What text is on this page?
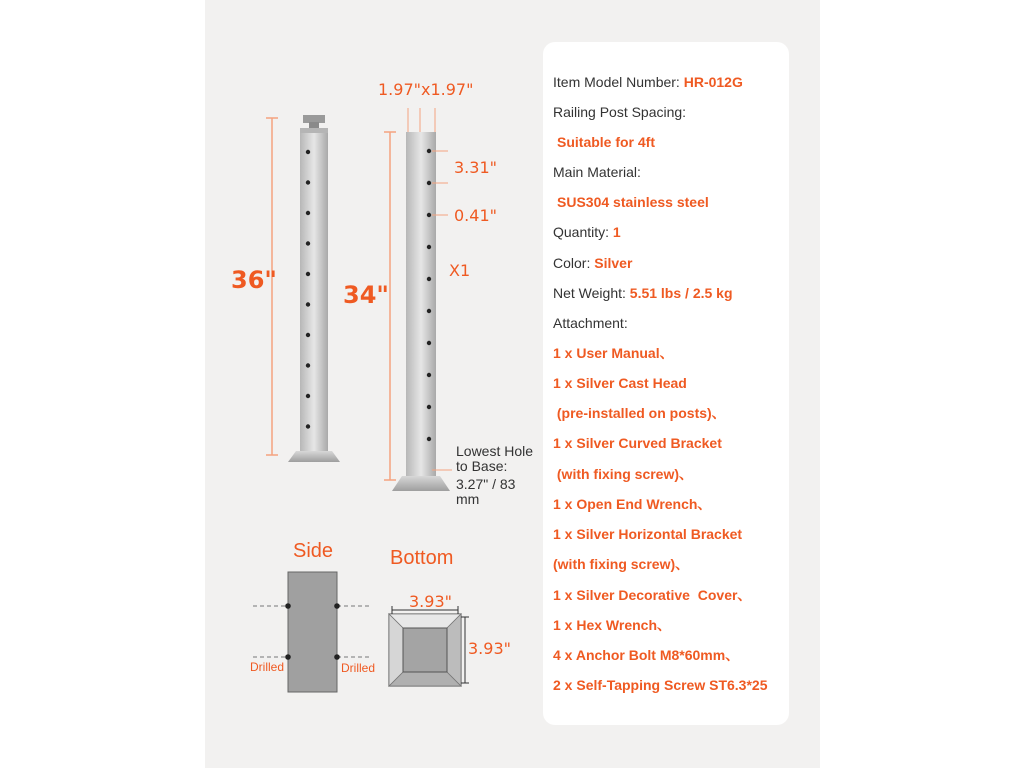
36"
34"
1.97"x1.97"
3.31"
0.41"
X1
Lowest Hole to Base:
3.27" / 83 mm
Side
Drilled	Drilled
Bottom
3.93"
3.93"
Item Model Number: HR-012G
Railing Post Spacing:
Suitable for 4ft
Main Material:
SUS304 stainless steel
Quantity: 1
Color: Silver
Net Weight: 5.51 lbs / 2.5 kg
Attachment:
1 x User Manual、
1 x Silver Cast Head
(pre-installed on posts)、
1 x Silver Curved Bracket
(with fixing screw)、
1 x Open End Wrench、
1 x Silver Horizontal Bracket
(with fixing screw)、
1 x Silver Decorative  Cover、
1 x Hex Wrench、
4 x Anchor Bolt M8*60mm、
2 x Self-Tapping Screw ST6.3*25
